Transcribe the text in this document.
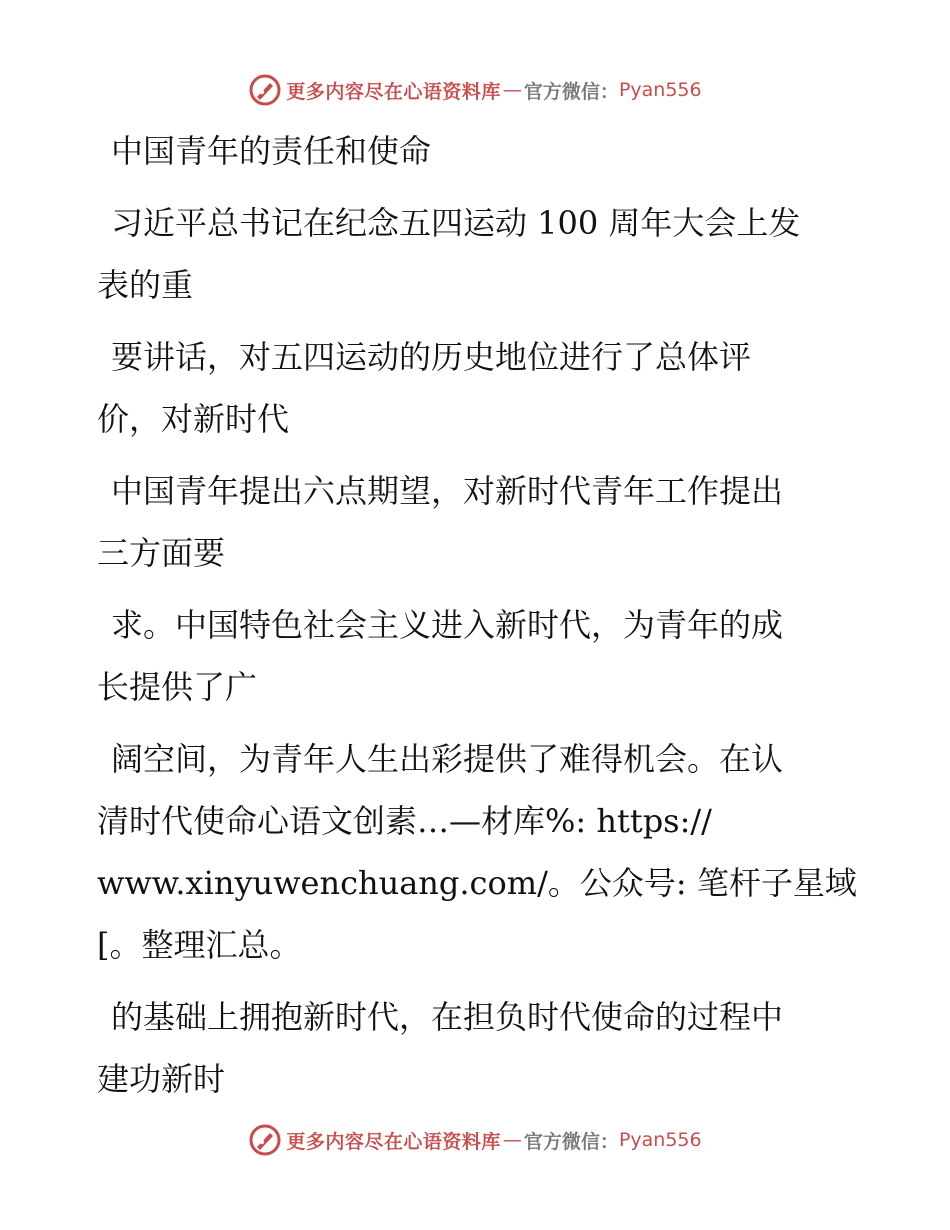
更多内容尽在心语资料库 — 官方微信： Pyan556
中国青年的责任和使命
习近平总书记在纪念五四运动 100 周年大会上发
表的重
要讲话，对五四运动的历史地位进行了总体评
价，对新时代
中国青年提出六点期望，对新时代青年工作提出
三方面要
求。中国特色社会主义进入新时代，为青年的成
长提供了广
阔空间，为青年人生出彩提供了难得机会。在认
清时代使命心语文创素…—材库%: https://
www.xinyuwenchuang.com/。公众号: 笔杆子星域
[。整理汇总。
的基础上拥抱新时代，在担负时代使命的过程中
建功新时
更多内容尽在心语资料库 — 官方微信： Pyan556
